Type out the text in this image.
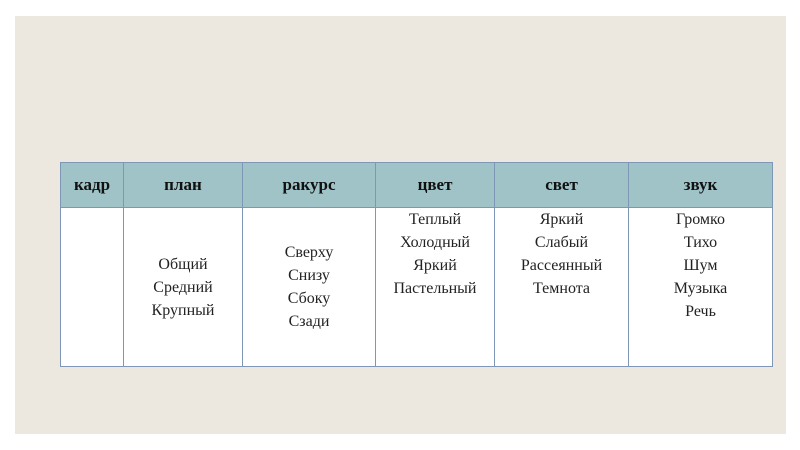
кадр	план	ракурс	цвет	свет	звук

	Общий
Средний
Крупный	Сверху
Снизу
Сбоку
Сзади	Теплый
Холодный
Яркий
Пастельный	Яркий
Слабый
Рассеянный
Темнота	Громко
Тихо
Шум
Музыка
Речь
